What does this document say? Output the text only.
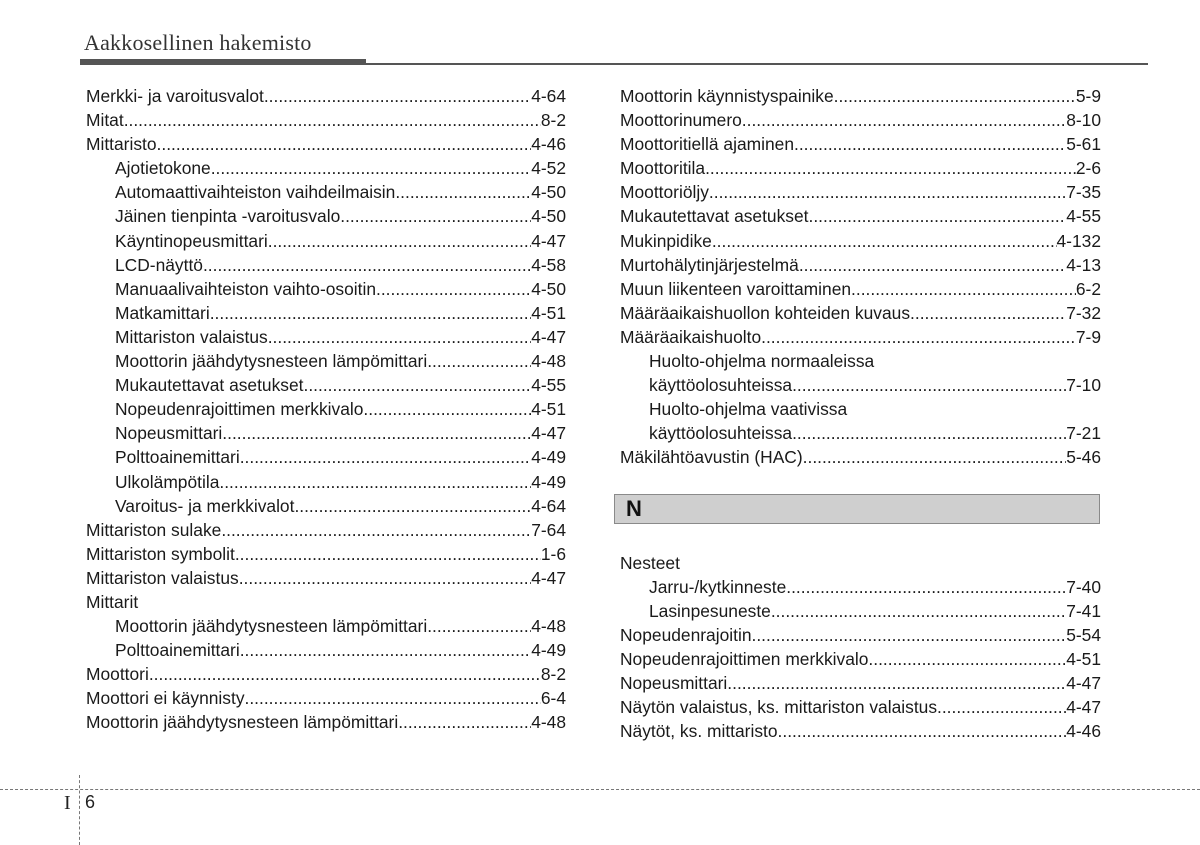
Aakkosellinen hakemisto
Merkki- ja varoitusvalot .....	4-64
Mitat .....	8-2
Mittaristo .....	4-46
Ajotietokone .....	4-52
Automaattivaihteiston vaihdeilmaisin .....	4-50
Jäinen tienpinta -varoitusvalo .....	4-50
Käyntinopeusmittari .....	4-47
LCD-näyttö .....	4-58
Manuaalivaihteiston vaihto-osoitin .....	4-50
Matkamittari .....	4-51
Mittariston valaistus .....	4-47
Moottorin jäähdytysnesteen lämpömittari .....	4-48
Mukautettavat asetukset .....	4-55
Nopeudenrajoittimen merkkivalo .....	4-51
Nopeusmittari .....	4-47
Polttoainemittari .....	4-49
Ulkolämpötila .....	4-49
Varoitus- ja merkkivalot .....	4-64
Mittariston sulake .....	7-64
Mittariston symbolit .....	1-6
Mittariston valaistus .....	4-47
Mittarit
Moottorin jäähdytysnesteen lämpömittari .....	4-48
Polttoainemittari .....	4-49
Moottori .....	8-2
Moottori ei käynnisty .....	6-4
Moottorin jäähdytysnesteen lämpömittari .....	4-48
Moottorin käynnistyspainike .....	5-9
Moottorinumero .....	8-10
Moottoritiellä ajaminen .....	5-61
Moottoritila .....	2-6
Moottoriöljy .....	7-35
Mukautettavat asetukset .....	4-55
Mukinpidike .....	4-132
Murtohälytinjärjestelmä .....	4-13
Muun liikenteen varoittaminen .....	6-2
Määräaikaishuollon kohteiden kuvaus .....	7-32
Määräaikaishuolto .....	7-9
Huolto-ohjelma normaaleissa
käyttöolosuhteissa .....	7-10
Huolto-ohjelma vaativissa
käyttöolosuhteissa .....	7-21
Mäkilähtöavustin (HAC) .....	5-46
N
Nesteet
Jarru-/kytkinneste .....	7-40
Lasinpesuneste .....	7-41
Nopeudenrajoitin .....	5-54
Nopeudenrajoittimen merkkivalo .....	4-51
Nopeusmittari .....	4-47
Näytön valaistus, ks. mittariston valaistus .....	4-47
Näytöt, ks. mittaristo .....	4-46
I 6
